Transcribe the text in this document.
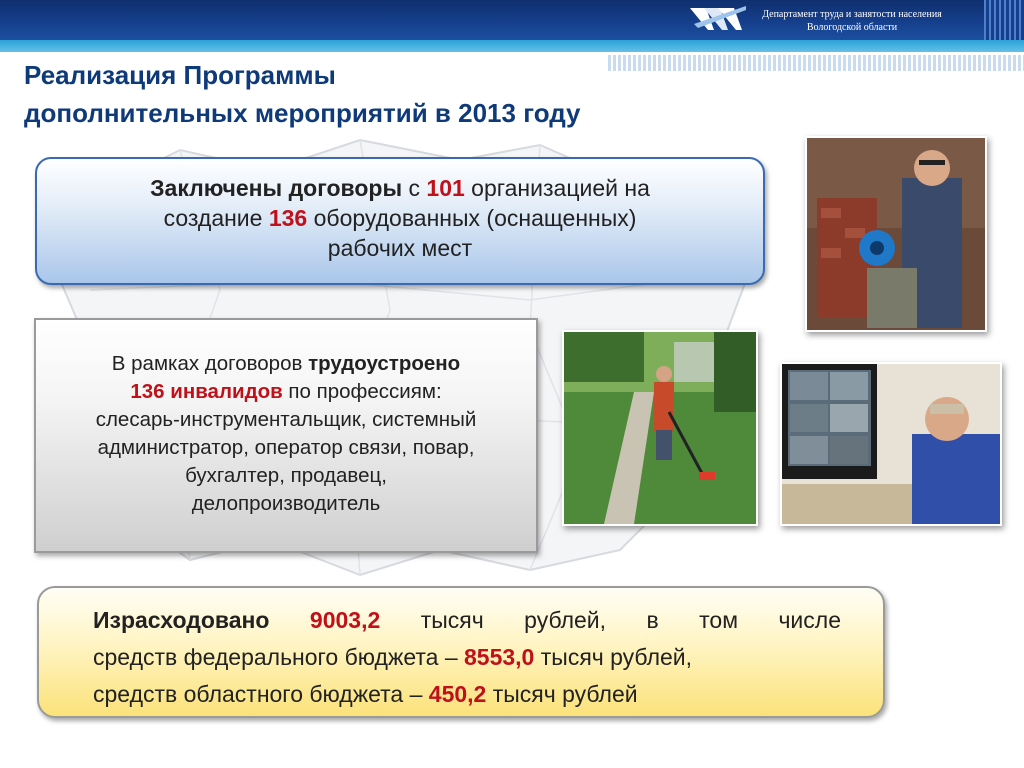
Департамент труда и занятости населения
Вологодской области
Реализация Программы
дополнительных мероприятий в 2013 году
Заключены договоры с 101 организацией на
создание 136 оборудованных (оснащенных)
рабочих мест
В рамках договоров трудоустроено
136 инвалидов по профессиям:
слесарь-инструментальщик, системный
администратор, оператор связи, повар,
бухгалтер, продавец,
делопроизводитель
Израсходовано 9003,2 тысяч рублей, в том числе
средств федерального бюджета – 8553,0 тысяч рублей,
средств областного бюджета – 450,2 тысяч рублей
